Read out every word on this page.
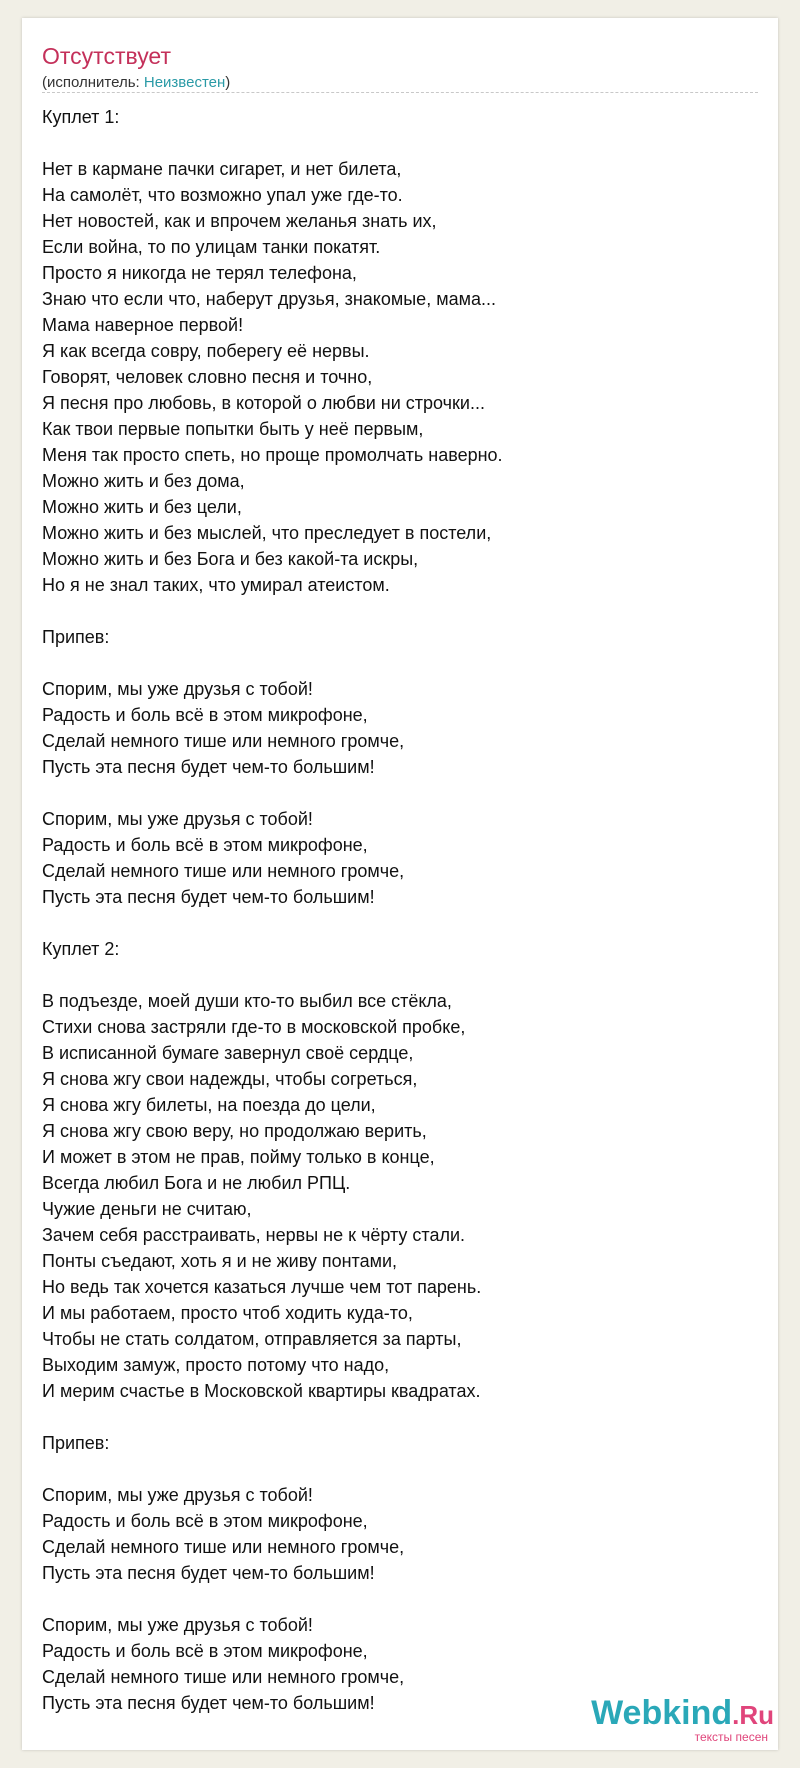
Отсутствует
(исполнитель: Неизвестен)
Куплет 1:
Нет в кармане пачки сигарет, и нет билета,
На самолёт, что возможно упал уже где-то.
Нет новостей, как и впрочем желанья знать их,
Если война, то по улицам танки покатят.
Просто я никогда не терял телефона,
Знаю что если что, наберут друзья, знакомые, мама...
Мама наверное первой!
Я как всегда совру, поберегу её нервы.
Говорят, человек словно песня и точно,
Я песня про любовь, в которой о любви ни строчки...
Как твои первые попытки быть у неё первым,
Меня так просто спеть, но проще промолчать наверно.
Можно жить и без дома,
Можно жить и без цели,
Можно жить и без мыслей, что преследует в постели,
Можно жить и без Бога и без какой-та искры,
Но я не знал таких, что умирал атеистом.
Припев:
Спорим, мы уже друзья с тобой!
Радость и боль всё в этом микрофоне,
Сделай немного тише или немного громче,
Пусть эта песня будет чем-то большим!
Спорим, мы уже друзья с тобой!
Радость и боль всё в этом микрофоне,
Сделай немного тише или немного громче,
Пусть эта песня будет чем-то большим!
Куплет 2:
В подъезде, моей души кто-то выбил все стёкла,
Стихи снова застряли где-то в московской пробке,
В исписанной бумаге завернул своё сердце,
Я снова жгу свои надежды, чтобы согреться,
Я снова жгу билеты, на поезда до цели,
Я снова жгу свою веру, но продолжаю верить,
И может в этом не прав, пойму только в конце,
Всегда любил Бога и не любил РПЦ.
Чужие деньги не считаю,
Зачем себя расстраивать, нервы не к чёрту стали.
Понты съедают, хоть я и не живу понтами,
Но ведь так хочется казаться лучше чем тот парень.
И мы работаем, просто чтоб ходить куда-то,
Чтобы не стать солдатом, отправляется за парты,
Выходим замуж, просто потому что надо,
И мерим счастье в Московской квартиры квадратах.
Припев:
Спорим, мы уже друзья с тобой!
Радость и боль всё в этом микрофоне,
Сделай немного тише или немного громче,
Пусть эта песня будет чем-то большим!
Спорим, мы уже друзья с тобой!
Радость и боль всё в этом микрофоне,
Сделай немного тише или немного громче,
Пусть эта песня будет чем-то большим!	Webkind.Ru
тексты песен
